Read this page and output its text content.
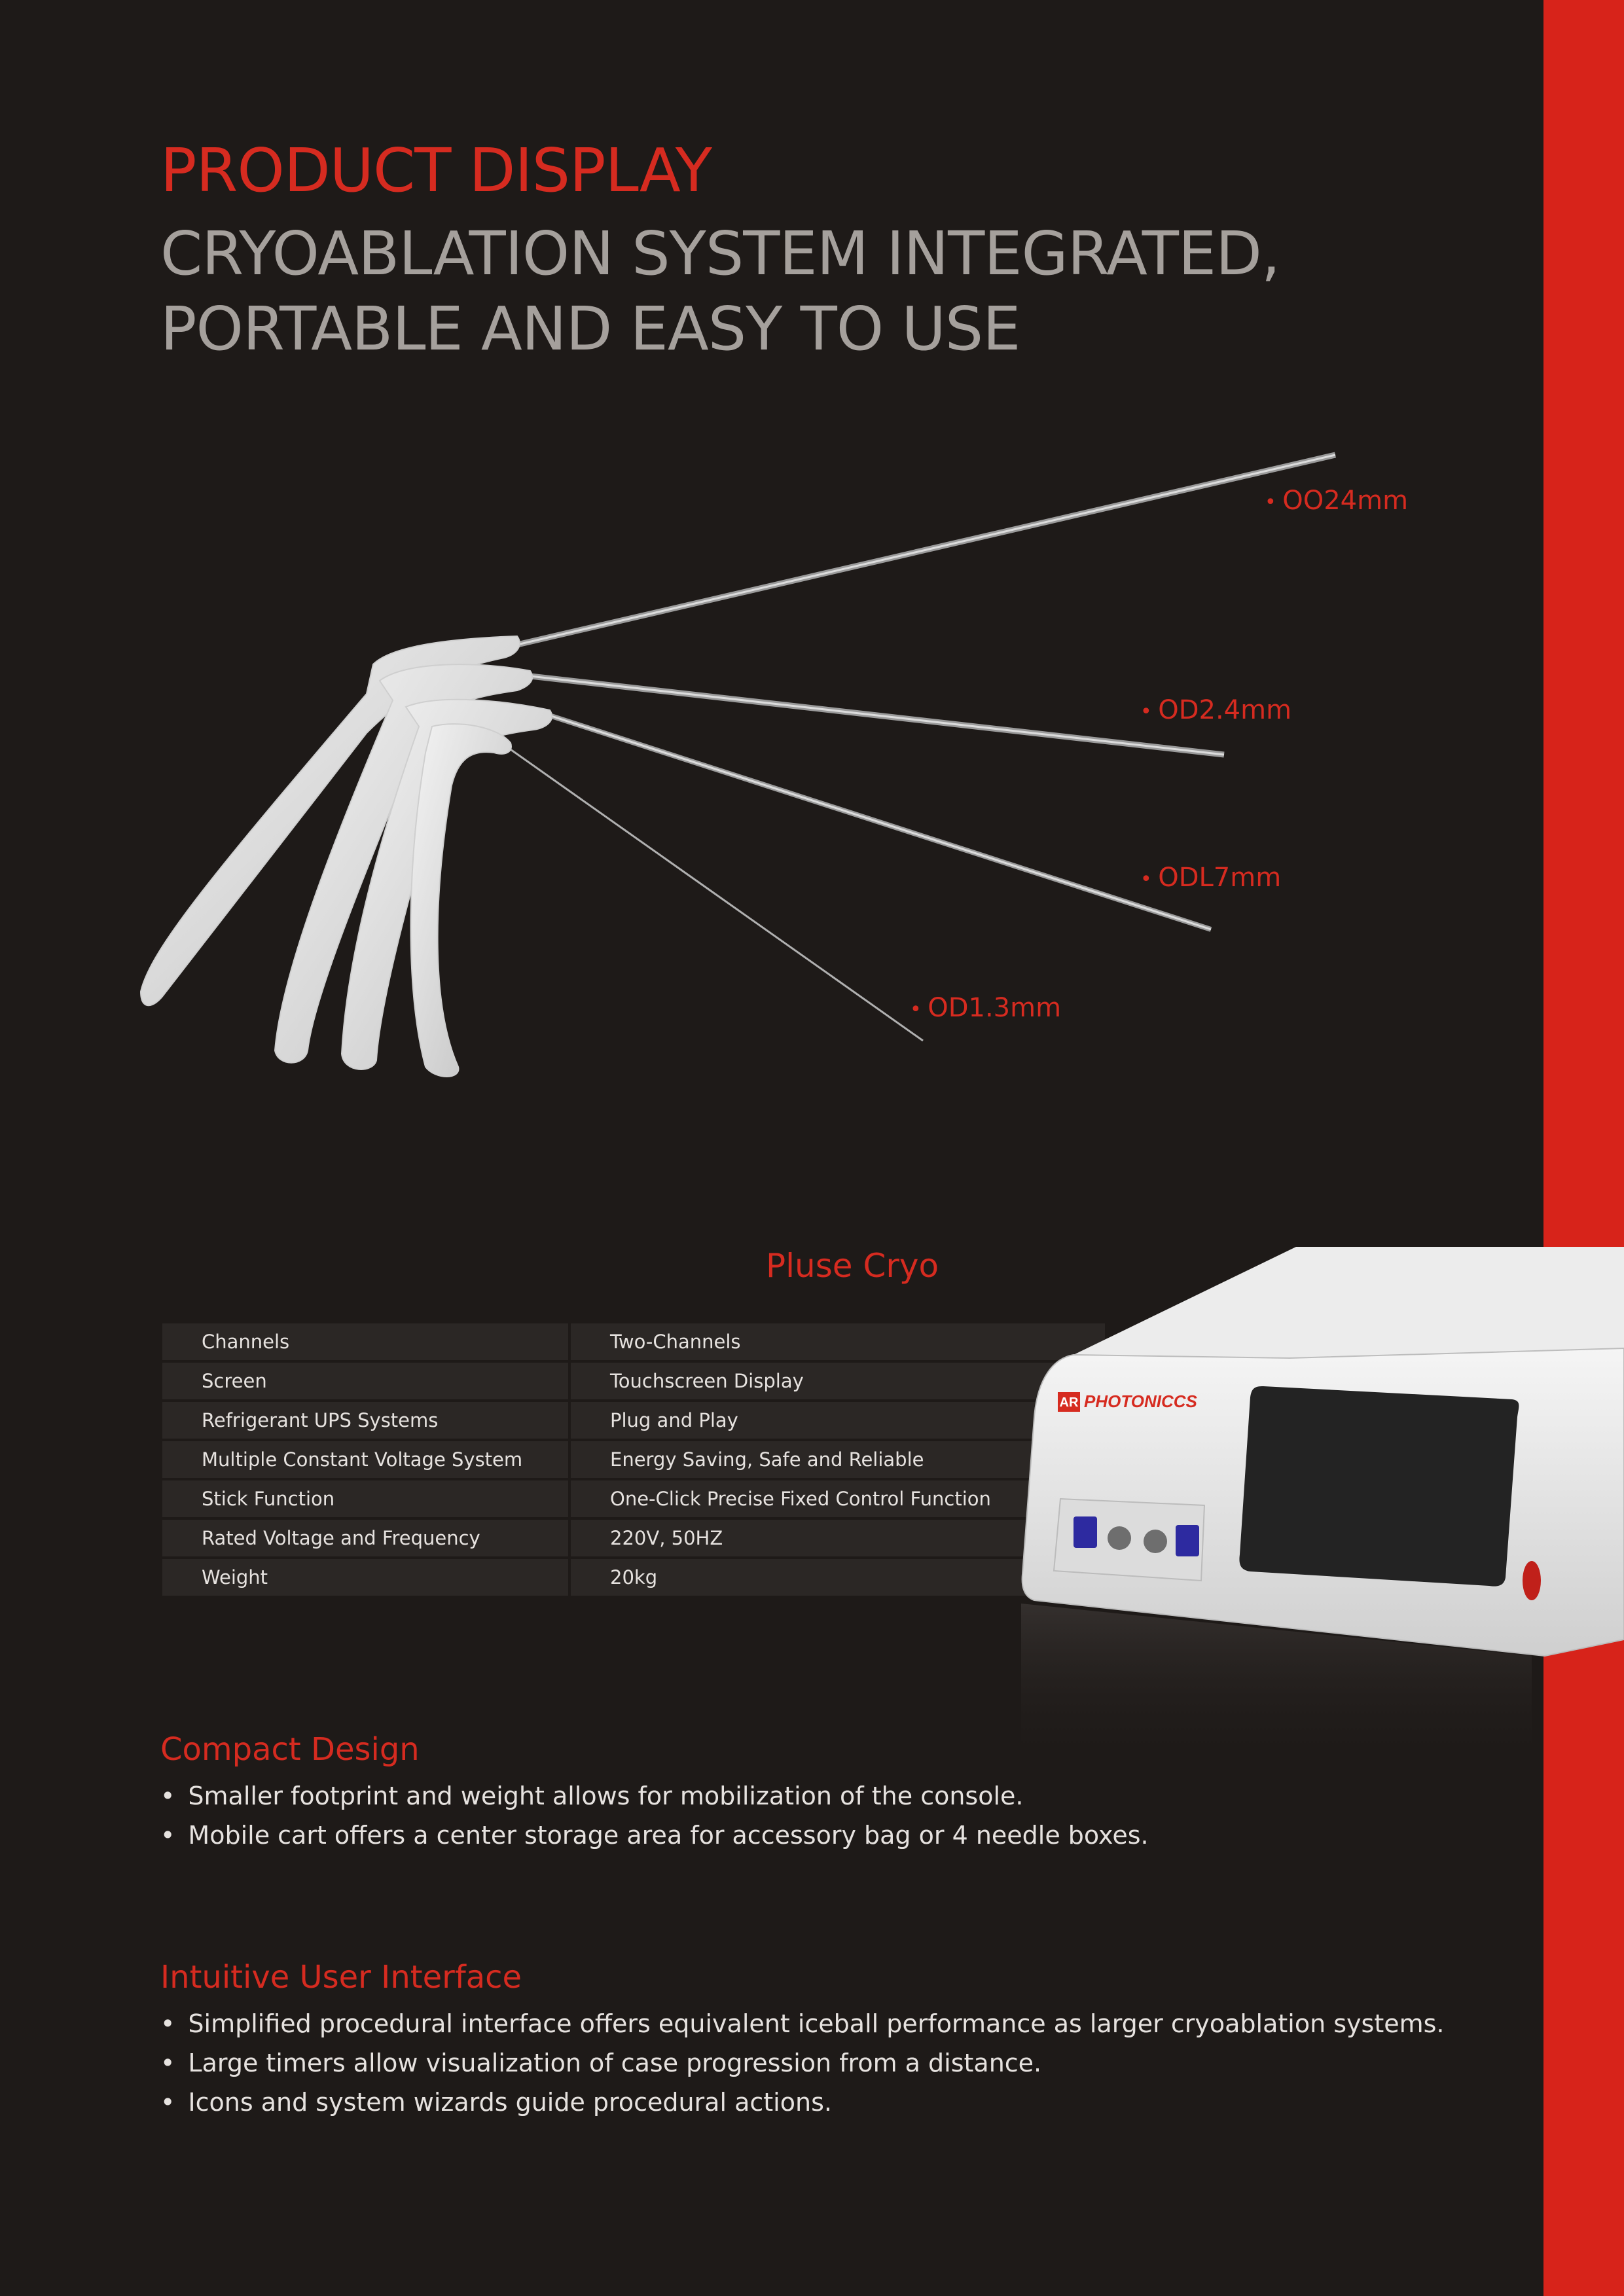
PRODUCT DISPLAY
CRYOABLATION SYSTEM INTEGRATED,
PORTABLE AND EASY TO USE
• OO24mm
• OD2.4mm
• ODL7mm
• OD1.3mm
Pluse Cryo
Channels	Two-Channels
Screen	Touchscreen Display
Refrigerant UPS Systems	Plug and Play
Multiple Constant Voltage System	Energy Saving, Safe and Reliable
Stick Function	One-Click Precise Fixed Control Function
Rated Voltage and Frequency	220V, 50HZ
Weight	20kg
AR PHOTONICCS
Compact Design
• Smaller footprint and weight allows for mobilization of the console.
• Mobile cart offers a center storage area for accessory bag or 4 needle boxes.
Intuitive User Interface
• Simplified procedural interface offers equivalent iceball performance as larger cryoablation systems.
• Large timers allow visualization of case progression from a distance.
• Icons and system wizards guide procedural actions.
